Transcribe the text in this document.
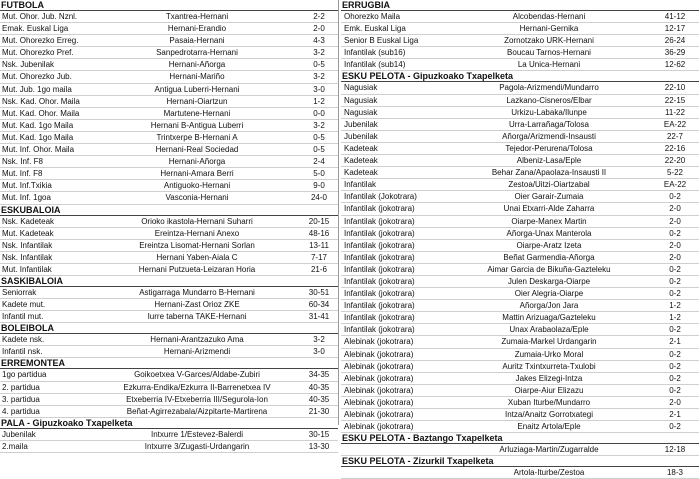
FUTBOLA
Mut. Ohor. Jub. Nznl.	Txantrea-Hernani	2-2
Emak. Euskal Liga	Hernani-Erandio	2-0
Mut. Ohorezko Erreg.	Pasaia-Hernani	4-3
Mut. Ohorezko Pref.	Sanpedrotarra-Hernani	3-2
Nsk. Jubenilak	Hernani-Añorga	0-5
Mut. Ohorezko Jub.	Hernani-Mariño	3-2
Mut. Jub. 1go maila	Antigua Luberri-Hernani	3-0
Nsk. Kad. Ohor. Maila	Hernani-Oiartzun	1-2
Mut. Kad. Ohor. Maila	Martutene-Hernani	0-0
Mut. Kad. 1go Maila	Hernani B-Antigua Luberri	3-2
Mut. Kad. 1go Maila	Trintxerpe B-Hernani A	0-5
Mut. Inf. Ohor. Maila	Hernani-Real Sociedad	0-5
Nsk. Inf. F8	Hernani-Añorga	2-4
Mut. Inf. F8	Hernani-Amara Berri	5-0
Mut. Inf.Txikia	Antiguoko-Hernani	9-0
Mut. Inf. 1goa	Vasconia-Hernani	24-0
ESKUBALOIA
Nsk. Kadeteak	Orioko ikastola-Hernani Suharri	20-15
Mut. Kadeteak	Ereintza-Hernani Anexo	48-16
Nsk. Infantilak	Ereintza Lisomat-Hernani Sorlan	13-11
Nsk. Infantilak	Hernani Yaben-Aiala C	7-17
Mut. Infantilak	Hernani Putzueta-Leizaran Horia	21-6
SASKIBALOIA
Seniorrak	Astigarraga Mundarro B-Hernani	30-51
Kadete mut.	Hernani-Zast Orioz ZKE	60-34
Infantil mut.	Iurre taberna TAKE-Hernani	31-41
BOLEIBOLA
Kadete nsk.	Hernani-Arantzazuko Ama	3-2
Infantil nsk.	Hernani-Arizmendi	3-0
ERREMONTEA
1go partidua	Goikoetxea V-Garces/Aldabe-Zubiri	34-35
2. partidua	Ezkurra-Endika/Ezkurra II-Barrenetxea IV	40-35
3. partidua	Etxeberria IV-Etxeberria III/Segurola-Ion	40-35
4. partidua	Beñat-Agirrezabala/Aizpitarte-Martirena	21-30
PALA - Gipuzkoako Txapelketa
Jubenilak	Intxurre 1/Estevez-Balerdi	30-15
2.maila	Intxurre 3/Zugasti-Urdangarin	13-30
ERRUGBIA
Ohorezko Maila	Alcobendas-Hernani	41-12
Emk. Euskal Liga	Hernani-Gernika	12-17
Senior B Euskal Liga	Zornotzako URK-Hernani	26-24
Infantilak (sub16)	Boucau Tarnos-Hernani	36-29
Infantilak (sub14)	La Unica-Hernani	12-62
ESKU PELOTA - Gipuzkoako Txapelketa
Nagusiak	Pagola-Arizmendi/Mundarro	22-10
Nagusiak	Lazkano-Cisneros/Elbar	22-15
Nagusiak	Urkizu-Labaka/Ilunpe	11-22
Jubenilak	Urra-Larrañaga/Tolosa	EA-22
Jubenilak	Añorga/Arizmendi-Insausti	22-7
Kadeteak	Tejedor-Perurena/Tolosa	22-16
Kadeteak	Albeniz-Lasa/Eple	22-20
Kadeteak	Behar Zana/Apaolaza-Insausti II	5-22
Infantilak	Zestoa/Uitzi-Oiartzabal	EA-22
Infantilak (Jokotrara)	Oier Garair-Zumaia	0-2
Infantilak (jokotrara)	Unai Etxarri-Alde Zaharra	2-0
Infantilak (jokotrara)	Oiarpe-Manex Martin	2-0
Infantilak (jokotrara)	Añorga-Unax Manterola	0-2
Infantilak (jokotrara)	Oiarpe-Aratz Izeta	2-0
Infantilak (jokotrara)	Beñat Garmendia-Añorga	2-0
Infantilak (jokotrara)	Aimar Garcia de Bikuña-Gazteleku	0-2
Infantilak (jokotrara)	Julen Deskarga-Oiarpe	0-2
Infantilak (jokotrara)	Oier Alegria-Oiarpe	0-2
Infantilak (jokotrara)	Añorga/Jon Jara	1-2
Infantilak (jokotrara)	Mattin Arizuaga/Gazteleku	1-2
Infantilak (jokotrara)	Unax Arabaolaza/Eple	0-2
Alebinak (jokotrara)	Zumaia-Markel Urdangarin	2-1
Alebinak (jokotrara)	Zumaia-Urko Moral	0-2
Alebinak (jokotrara)	Auritz Txintxurreta-Txulobi	0-2
Alebinak (jokotrara)	Jakes Elizegi-Intza	0-2
Alebinak (jokotrara)	Oiarpe-Aiur Elizazu	0-2
Alebinak (jokotrara)	Xuban Iturbe/Mundarro	2-0
Alebinak (jokotrara)	Intza/Anaitz Gorrotxategi	2-1
Alebinak (jokotrara)	Enaitz Artola/Eple	0-2
ESKU PELOTA - Baztango Txapelketa
Arluziaga-Martin/Zugarralde	12-18
ESKU PELOTA - Zizurkil Txapelketa
Artola-Iturbe/Zestoa	18-3
